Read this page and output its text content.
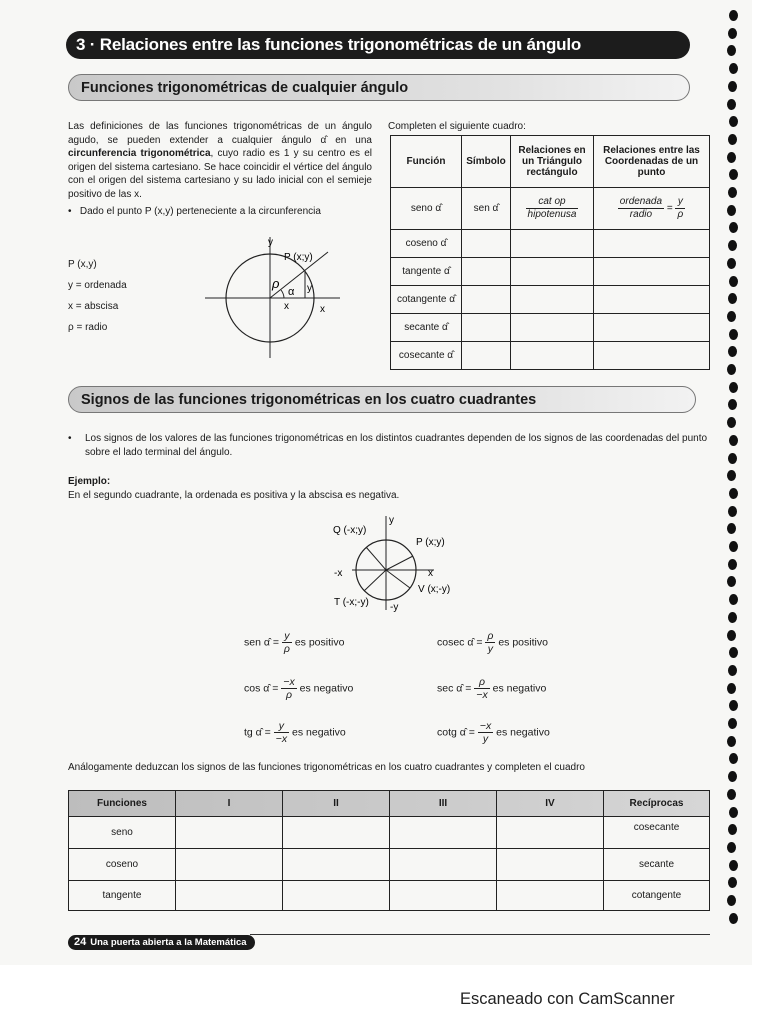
3 · Relaciones entre las funciones trigonométricas de un ángulo
Funciones trigonométricas de cualquier ángulo
Las definiciones de las funciones trigonométricas de un ángulo agudo, se pueden extender a cualquier ángulo α̂ en una circunferencia trigonométrica, cuyo radio es 1 y su centro es el origen del sistema cartesiano. Se hace coincidir el vértice del ángulo con el origen del sistema cartesiano y su lado inicial con el semieje positivo de las x.
•   Dado el punto P (x,y) perteneciente a la circunferencia
P (x,y)
y = ordenada
x = abscisa
ρ = radio
y
P (x;y)
ρ
α y
x	x
Completen el siguiente cuadro:
Función	Símbolo	Relaciones en un Triángulo rectángulo	Relaciones entre las Coordenadas de un punto
seno α̂	sen α̂	$\frac{\text{cat op}}{\text{hipotenusa}}$	$\frac{\text{ordenada}}{\text{radio}} = \frac{y}{\rho}$

coseno α̂			
tangente α̂			
cotangente α̂			
secante α̂			
cosecante α̂			
Signos de las funciones trigonométricas en los cuatro cuadrantes
•	Los signos de los valores de las funciones trigonométricas en los distintos cuadrantes dependen de los signos de las coordenadas del punto sobre el lado terminal del ángulo.
Ejemplo:
En el segundo cuadrante, la ordenada es positiva y la abscisa es negativa.
y
Q (-x;y)
P (x;y)
-x	x
V (x;-y)
T (-x;-y) -y
sen α̂ = $\frac{y}{\rho}$ es positivo	cosec α̂ = $\frac{\rho}{y}$ es positivo
cos α̂ = $\frac{-x}{\rho}$ es negativo	sec α̂ = $\frac{\rho}{-x}$ es negativo
tg α̂ = $\frac{y}{-x}$ es negativo	cotg α̂ = $\frac{-x}{y}$ es negativo
Análogamente deduzcan los signos de las funciones trigonométricas en los cuatro cuadrantes y completen el cuadro
Funciones	I	II	III	IV	Recíprocas
seno					cosecante
coseno					secante
tangente					cotangente
24 Una puerta abierta a la Matemática
Escaneado con CamScanner
